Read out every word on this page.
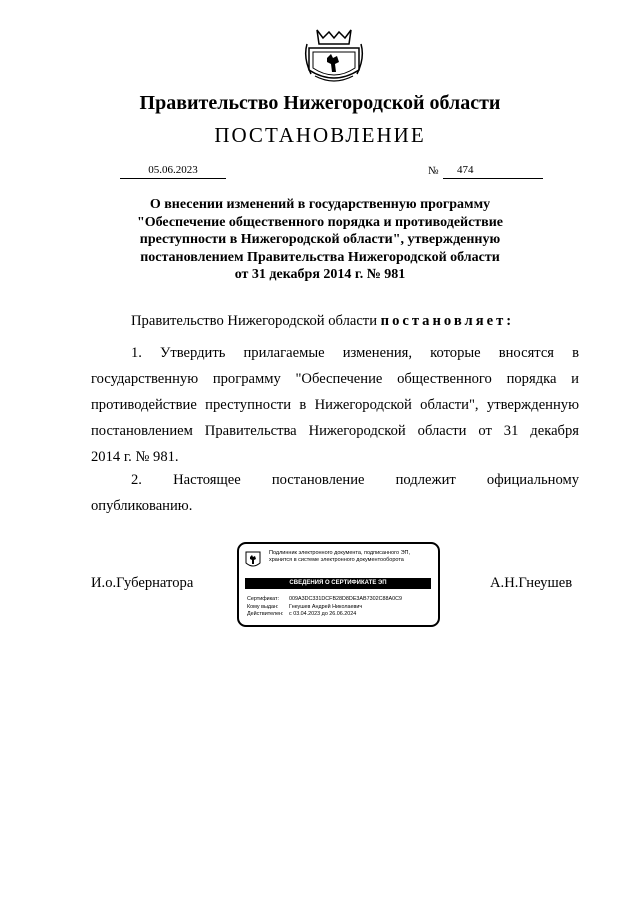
Правительство Нижегородской области
ПОСТАНОВЛЕНИЕ
05.06.2023	№	474
О внесении изменений в государственную программу
"Обеспечение общественного порядка и противодействие
преступности в Нижегородской области", утвержденную
постановлением Правительства Нижегородской области
от 31 декабря 2014 г. № 981
Правительство Нижегородской области постановляет:
1. Утвердить прилагаемые изменения, которые вносятся в
государственную программу "Обеспечение общественного порядка и
противодействие преступности в Нижегородской области", утвержденную
постановлением Правительства Нижегородской области от 31 декабря
2014 г. № 981.
2. Настоящее постановление подлежит официальному
опубликованию.
И.о.Губернатора	А.Н.Гнеушев
Подлинник электронного документа, подписанного ЭП,
хранится в системе электронного документооборота
СВЕДЕНИЯ О СЕРТИФИКАТЕ ЭП
Сертификат: 009A3DC331DCFB28D8DE3AB7302C88A0C9
Кому выдан: Гнеушев Андрей Николаевич
Действителен: с 03.04.2023 до 26.06.2024
